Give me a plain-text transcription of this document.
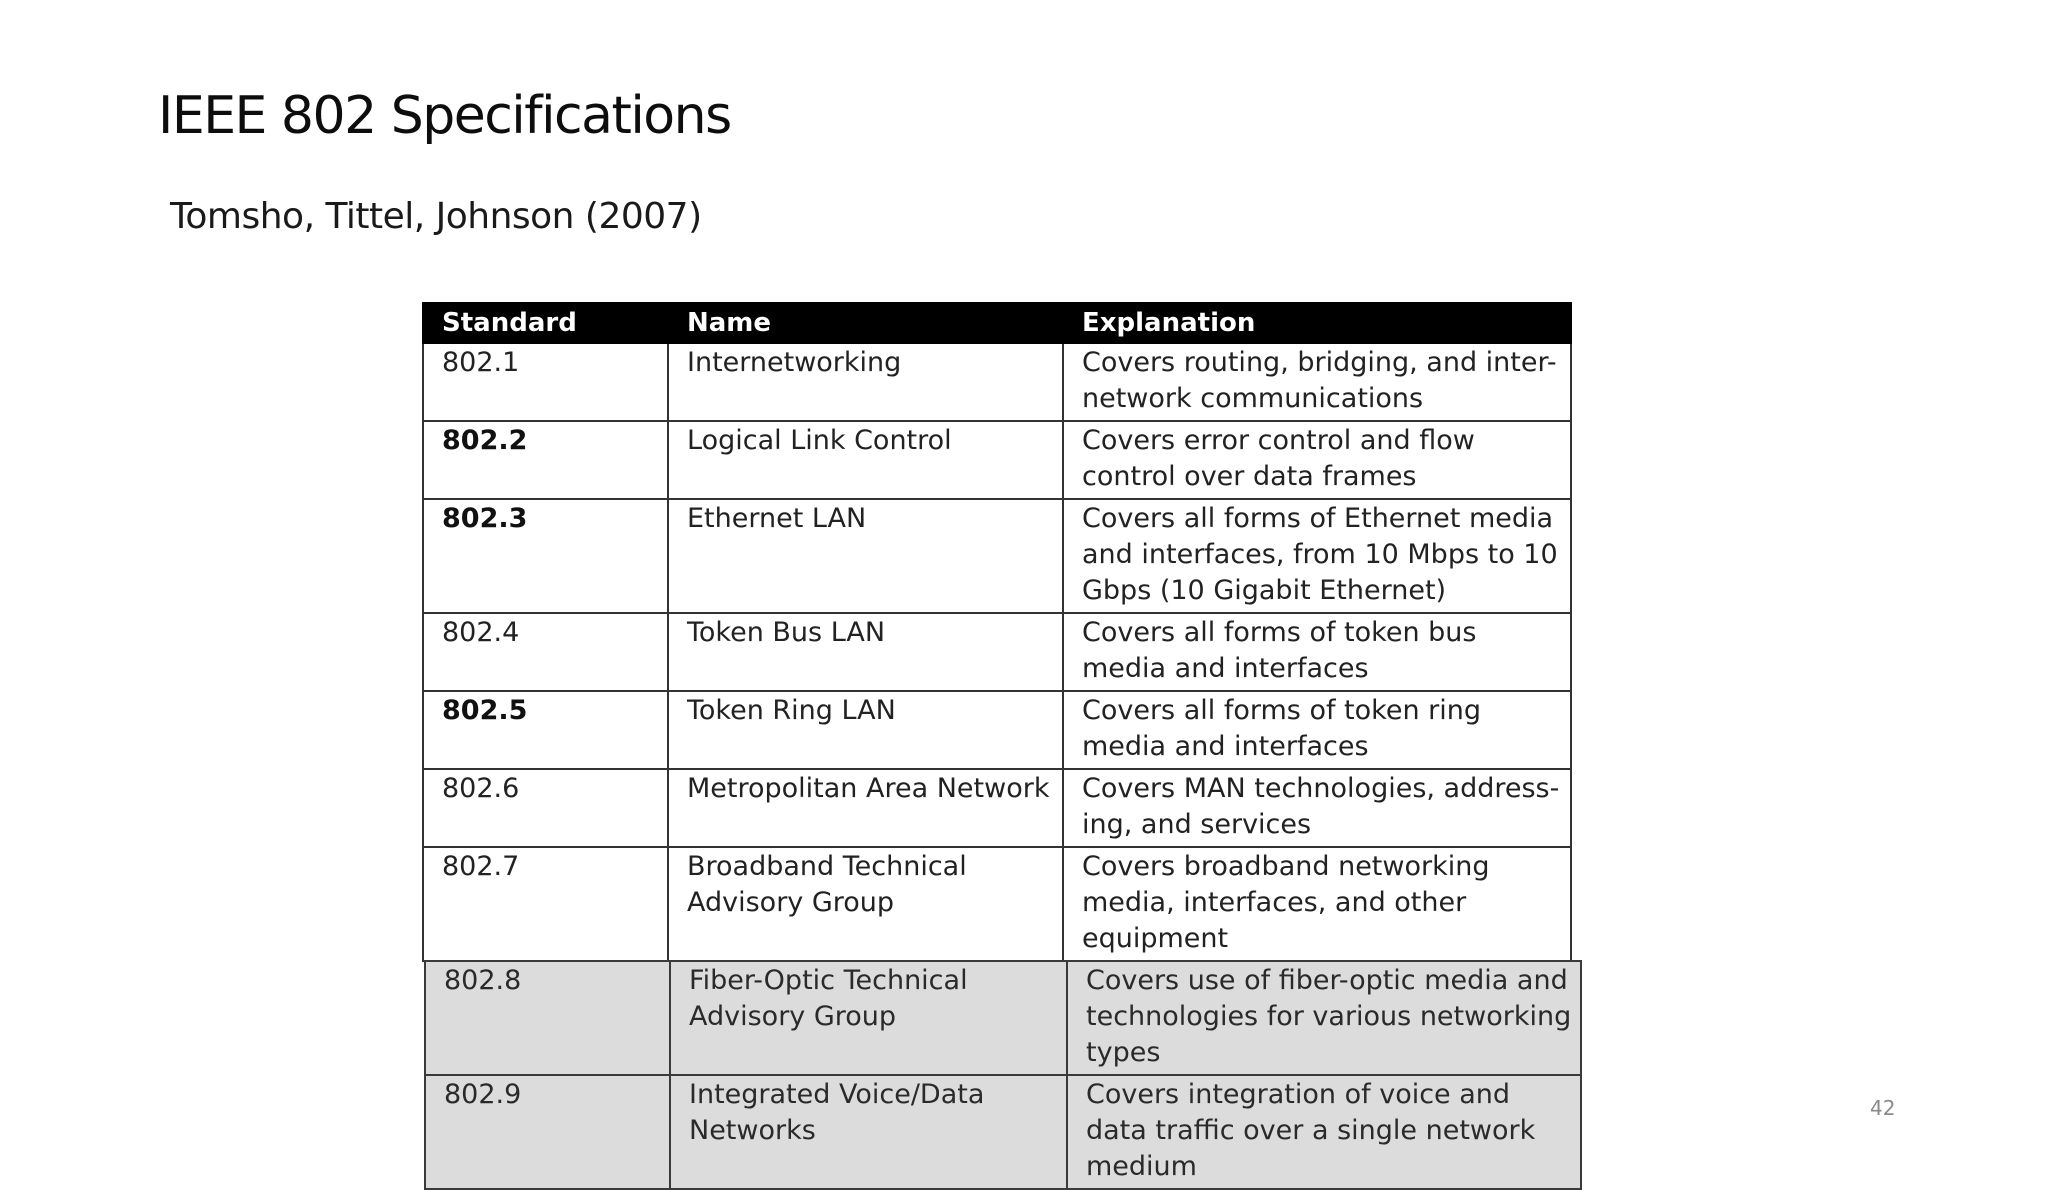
IEEE 802 Specifications
Tomsho, Tittel, Johnson (2007)
Standard	Name	Explanation
802.1	Internetworking	Covers routing, bridging, and inter-network communications
802.2	Logical Link Control	Covers error control and flow control over data frames
802.3	Ethernet LAN	Covers all forms of Ethernet media and interfaces, from 10 Mbps to 10 Gbps (10 Gigabit Ethernet)
802.4	Token Bus LAN	Covers all forms of token bus media and interfaces
802.5	Token Ring LAN	Covers all forms of token ring media and interfaces
802.6	Metropolitan Area Network	Covers MAN technologies, address-ing, and services
802.7	Broadband Technical Advisory Group	Covers broadband networking media, interfaces, and other equipment
802.8	Fiber-Optic Technical Advisory Group	Covers use of fiber-optic media and technologies for various networking types
802.9	Integrated Voice/Data Networks	Covers integration of voice and data traffic over a single network medium
42
